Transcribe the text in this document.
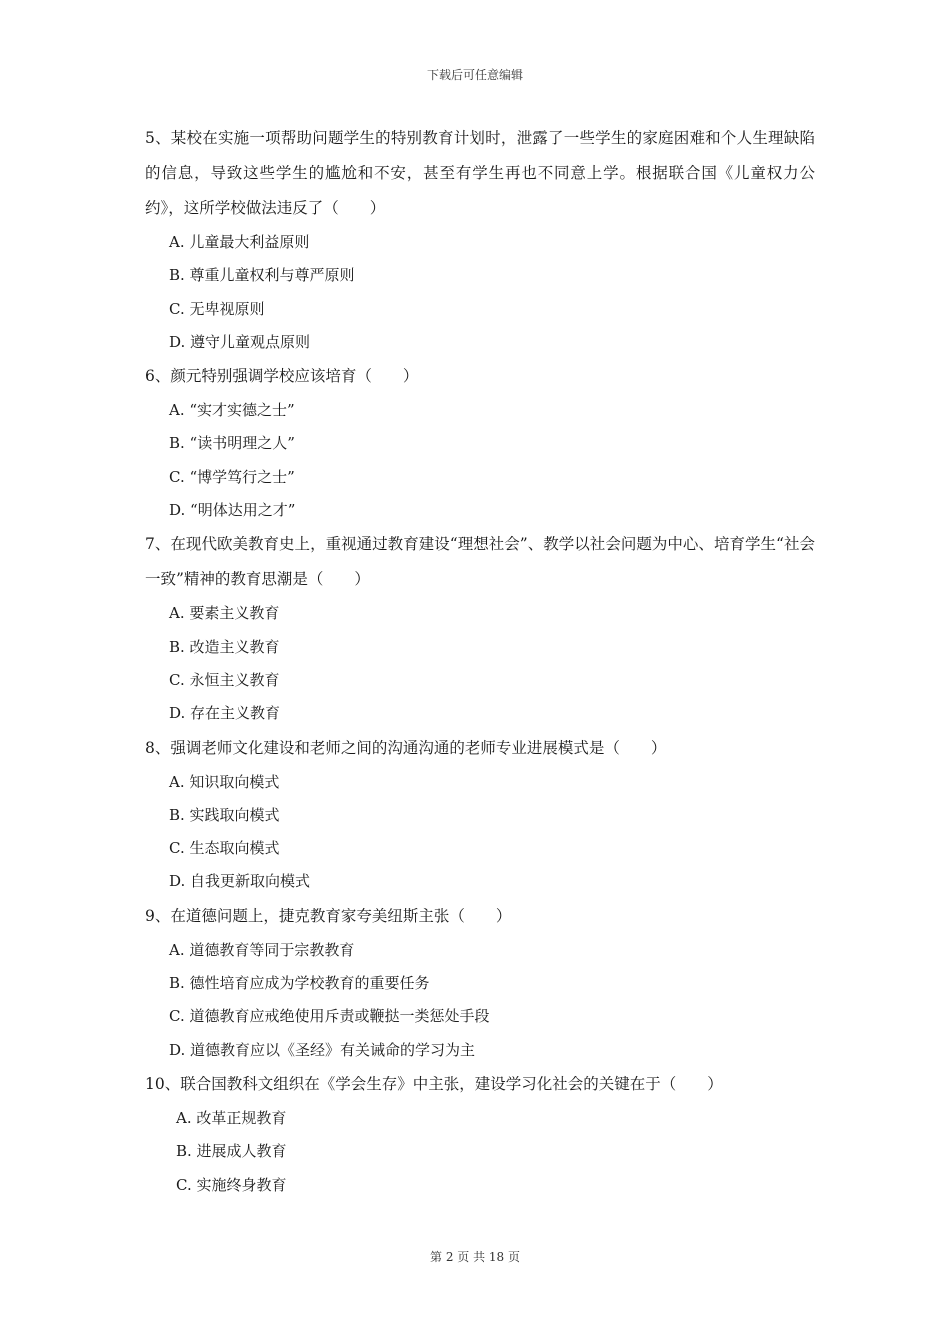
下载后可任意编辑

5、某校在实施一项帮助问题学生的特别教育计划时，泄露了一些学生的家庭困难和个人生理缺陷的信息，导致这些学生的尴尬和不安，甚至有学生再也不同意上学。根据联合国《儿童权力公约》，这所学校做法违反了（　　）

A. 儿童最大利益原则
B. 尊重儿童权利与尊严原则
C. 无卑视原则
D. 遵守儿童观点原则

6、颜元特别强调学校应该培育（　　）

A. “实才实德之士”
B. “读书明理之人”
C. “博学笃行之士”
D. “明体达用之才”

7、在现代欧美教育史上，重视通过教育建设“理想社会”、教学以社会问题为中心、培育学生“社会一致”精神的教育思潮是（　　）

A. 要素主义教育
B. 改造主义教育
C. 永恒主义教育
D. 存在主义教育

8、强调老师文化建设和老师之间的沟通沟通的老师专业进展模式是（　　）

A. 知识取向模式
B. 实践取向模式
C. 生态取向模式
D. 自我更新取向模式

9、在道德问题上，捷克教育家夸美纽斯主张（　　）

A. 道德教育等同于宗教教育
B. 德性培育应成为学校教育的重要任务
C. 道德教育应戒绝使用斥责或鞭挞一类惩处手段
D. 道德教育应以《圣经》有关诫命的学习为主

10、联合国教科文组织在《学会生存》中主张，建设学习化社会的关键在于（　　）

A. 改革正规教育
B. 进展成人教育
C. 实施终身教育
第 2 页 共 18 页
